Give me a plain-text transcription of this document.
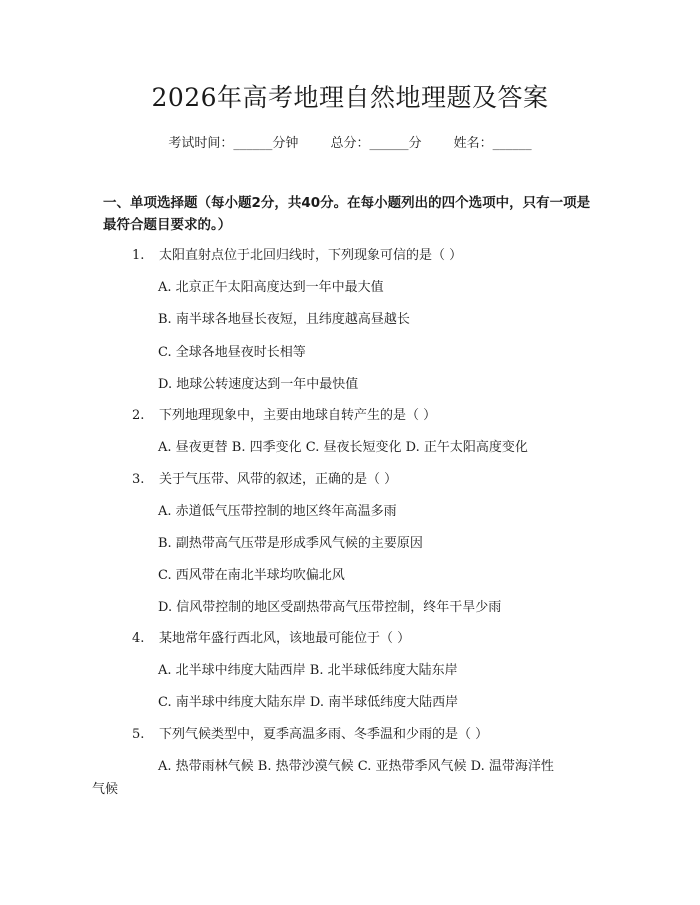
2026年高考地理自然地理题及答案
考试时间：______分钟 总分：______分 姓名：______
一、单项选择题（每小题2分，共40分。在每小题列出的四个选项中，只有一项是最符合题目要求的。）
1. 太阳直射点位于北回归线时，下列现象可信的是（ ）
A. 北京正午太阳高度达到一年中最大值
B. 南半球各地昼长夜短，且纬度越高昼越长
C. 全球各地昼夜时长相等
D. 地球公转速度达到一年中最快值
2. 下列地理现象中，主要由地球自转产生的是（ ）
A. 昼夜更替 B. 四季变化 C. 昼夜长短变化 D. 正午太阳高度变化
3. 关于气压带、风带的叙述，正确的是（ ）
A. 赤道低气压带控制的地区终年高温多雨
B. 副热带高气压带是形成季风气候的主要原因
C. 西风带在南北半球均吹偏北风
D. 信风带控制的地区受副热带高气压带控制，终年干旱少雨
4. 某地常年盛行西北风，该地最可能位于（ ）
A. 北半球中纬度大陆西岸 B. 北半球低纬度大陆东岸
C. 南半球中纬度大陆东岸 D. 南半球低纬度大陆西岸
5. 下列气候类型中，夏季高温多雨、冬季温和少雨的是（ ）
A. 热带雨林气候 B. 热带沙漠气候 C. 亚热带季风气候 D. 温带海洋性
气候
